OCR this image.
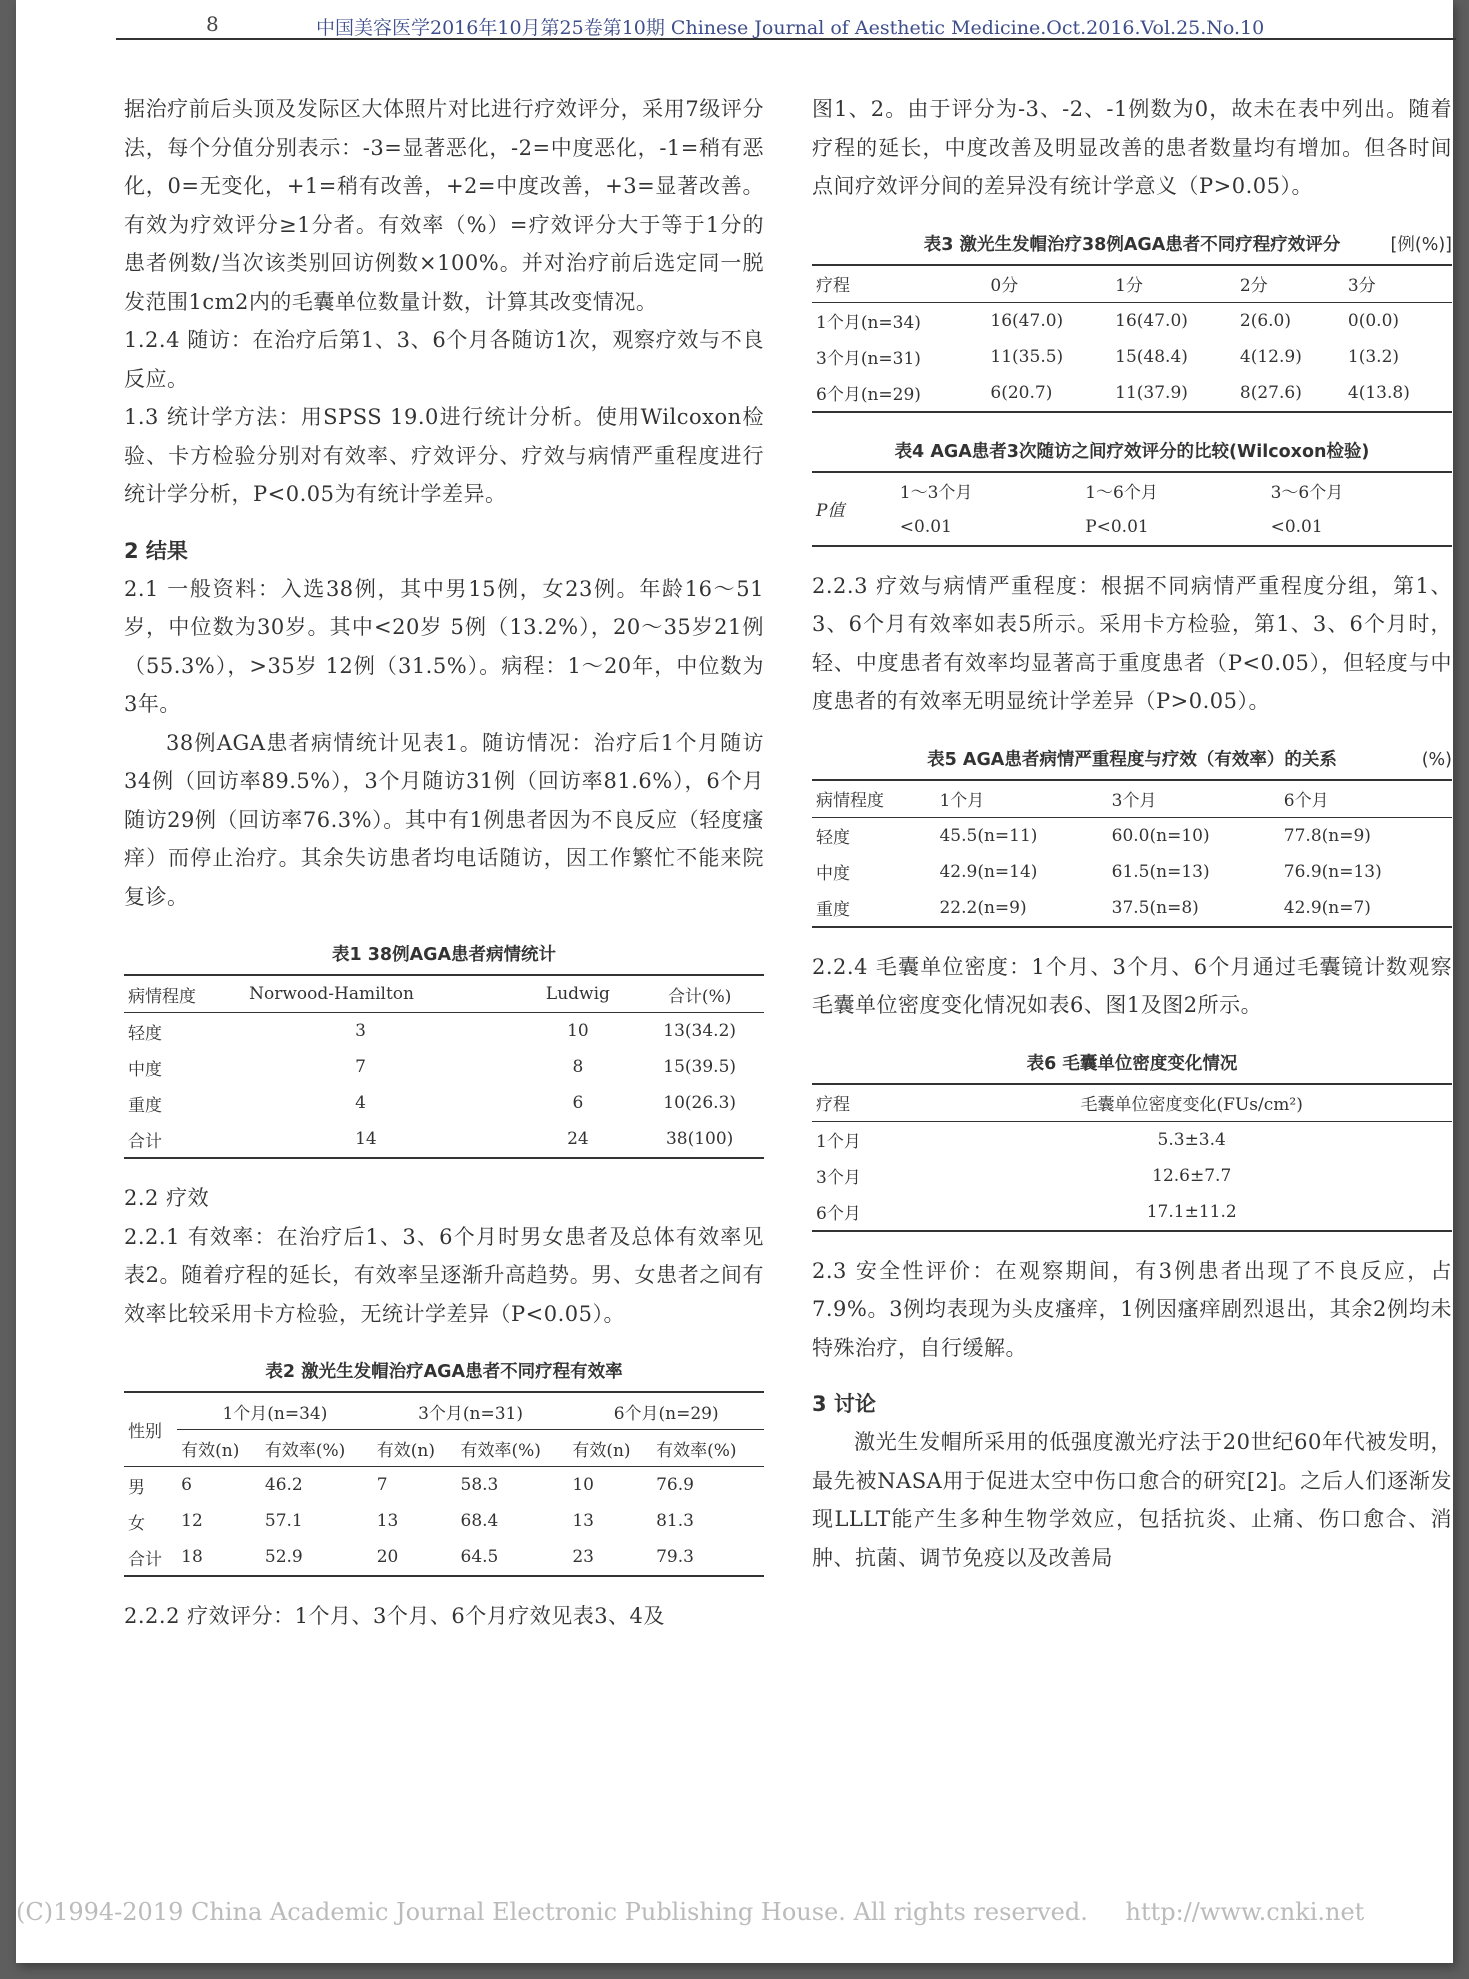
8	中国美容医学2016年10月第25卷第10期 Chinese Journal of Aesthetic Medicine.Oct.2016.Vol.25.No.10

据治疗前后头顶及发际区大体照片对比进行疗效评分，采用7级评分法，每个分值分别表示：-3=显著恶化，-2=中度恶化，-1=稍有恶化，0=无变化，+1=稍有改善，+2=中度改善，+3=显著改善。有效为疗效评分≥1分者。有效率（%）=疗效评分大于等于1分的患者例数/当次该类别回访例数×100%。并对治疗前后选定同一脱发范围1cm2内的毛囊单位数量计数，计算其改变情况。

1.2.4 随访：在治疗后第1、3、6个月各随访1次，观察疗效与不良反应。

1.3 统计学方法：用SPSS 19.0进行统计分析。使用Wilcoxon检验、卡方检验分别对有效率、疗效评分、疗效与病情严重程度进行统计学分析，P<0.05为有统计学差异。

2 结果

2.1 一般资料：入选38例，其中男15例，女23例。年龄16～51岁，中位数为30岁。其中<20岁 5例（13.2%），20～35岁21例（55.3%），>35岁 12例（31.5%）。病程：1～20年，中位数为3年。

38例AGA患者病情统计见表1。随访情况：治疗后1个月随访34例（回访率89.5%），3个月随访31例（回访率81.6%），6个月随访29例（回访率76.3%）。其中有1例患者因为不良反应（轻度瘙痒）而停止治疗。其余失访患者均电话随访，因工作繁忙不能来院复诊。

表1 38例AGA患者病情统计
病情程度	Norwood-Hamilton	Ludwig	合计(%)
轻度	3	10	13(34.2)
中度	7	8	15(39.5)
重度	4	6	10(26.3)
合计	14	24	38(100)

2.2 疗效

2.2.1 有效率：在治疗后1、3、6个月时男女患者及总体有效率见表2。随着疗程的延长，有效率呈逐渐升高趋势。男、女患者之间有效率比较采用卡方检验，无统计学差异（P<0.05）。

表2 激光生发帽治疗AGA患者不同疗程有效率
性别	1个月(n=34)		3个月(n=31)		6个月(n=29)	
	有效(n)	有效率(%)	有效(n)	有效率(%)	有效(n)	有效率(%)
男	6	46.2	7	58.3	10	76.9
女	12	57.1	13	68.4	13	81.3
合计	18	52.9	20	64.5	23	79.3

2.2.2 疗效评分：1个月、3个月、6个月疗效见表3、4及

图1、2。由于评分为-3、-2、-1例数为0，故未在表中列出。随着疗程的延长，中度改善及明显改善的患者数量均有增加。但各时间点间疗效评分间的差异没有统计学意义（P>0.05）。

表3 激光生发帽治疗38例AGA患者不同疗程疗效评分	[例(%)]
疗程	0分	1分	2分	3分
1个月(n=34)	16(47.0)	16(47.0)	2(6.0)	0(0.0)
3个月(n=31)	11(35.5)	15(48.4)	4(12.9)	1(3.2)
6个月(n=29)	6(20.7)	11(37.9)	8(27.6)	4(13.8)
表4 AGA患者3次随访之间疗效评分的比较(Wilcoxon检验)
P值	1～3个月	1～6个月	3～6个月
	<0.01	P<0.01	<0.01

2.2.3 疗效与病情严重程度：根据不同病情严重程度分组，第1、3、6个月有效率如表5所示。采用卡方检验，第1、3、6个月时，轻、中度患者有效率均显著高于重度患者（P<0.05），但轻度与中度患者的有效率无明显统计学差异（P>0.05）。

表5 AGA患者病情严重程度与疗效（有效率）的关系	(%)
病情程度	1个月	3个月	6个月
轻度	45.5(n=11)	60.0(n=10)	77.8(n=9)
中度	42.9(n=14)	61.5(n=13)	76.9(n=13)
重度	22.2(n=9)	37.5(n=8)	42.9(n=7)

2.2.4 毛囊单位密度：1个月、3个月、6个月通过毛囊镜计数观察毛囊单位密度变化情况如表6、图1及图2所示。

表6 毛囊单位密度变化情况
疗程	毛囊单位密度变化(FUs/cm²)
1个月	5.3±3.4
3个月	12.6±7.7
6个月	17.1±11.2

2.3 安全性评价：在观察期间，有3例患者出现了不良反应，占7.9%。3例均表现为头皮瘙痒，1例因瘙痒剧烈退出，其余2例均未特殊治疗，自行缓解。

3 讨论

激光生发帽所采用的低强度激光疗法于20世纪60年代被发明，最先被NASA用于促进太空中伤口愈合的研究[2]。之后人们逐渐发现LLLT能产生多种生物学效应，包括抗炎、止痛、伤口愈合、消肿、抗菌、调节免疫以及改善局

(C)1994-2019 China Academic Journal Electronic Publishing House. All rights reserved. http://www.cnki.net
